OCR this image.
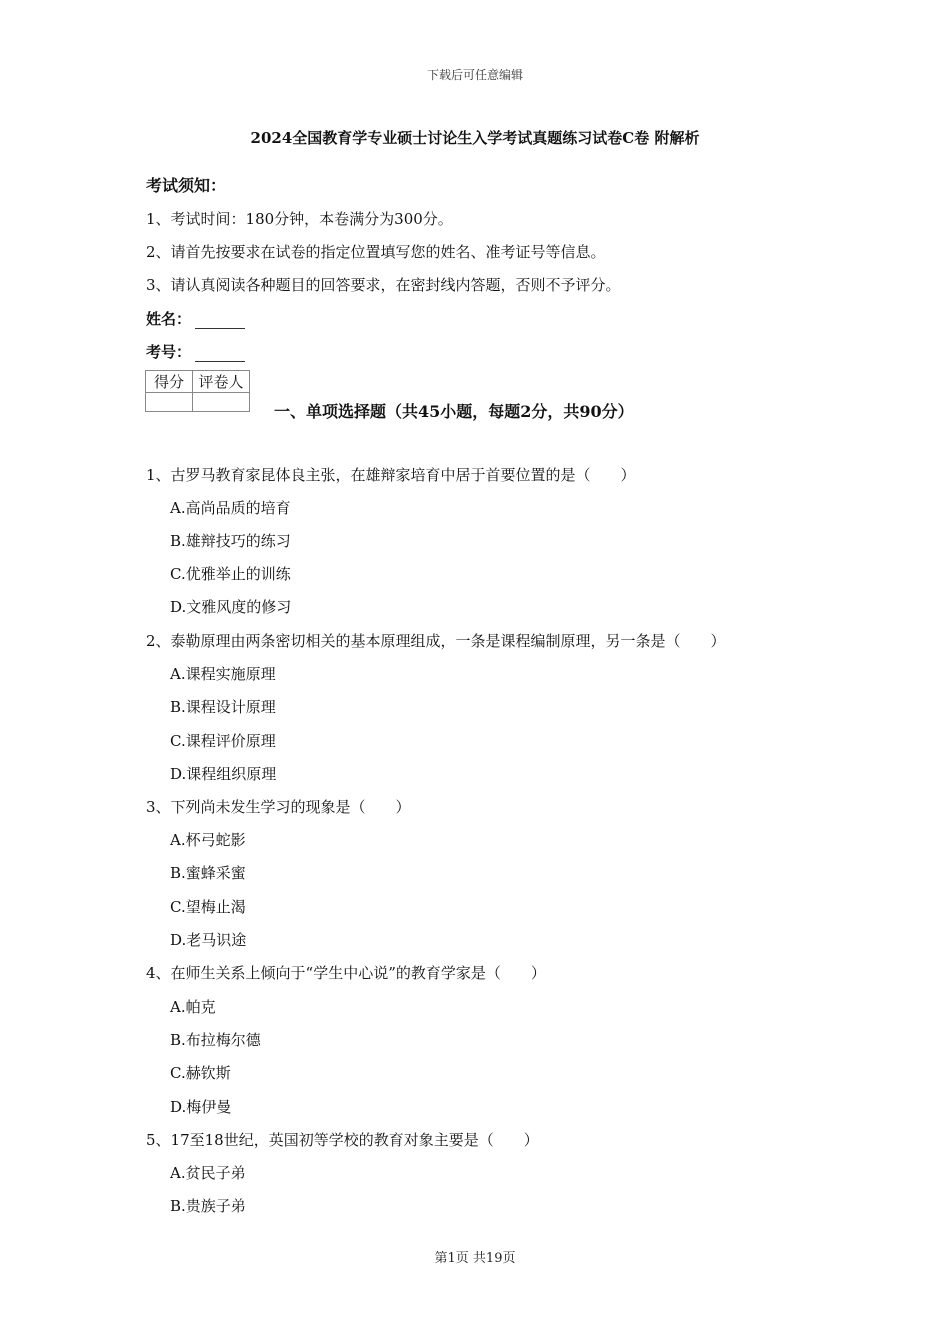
下载后可任意编辑
2024全国教育学专业硕士讨论生入学考试真题练习试卷C卷 附解析
考试须知：
1、考试时间：180分钟，本卷满分为300分。
2、请首先按要求在试卷的指定位置填写您的姓名、准考证号等信息。
3、请认真阅读各种题目的回答要求，在密封线内答题，否则不予评分。
姓名：
考号：
得分	评卷人

一、单项选择题（共45小题，每题2分，共90分）
1、古罗马教育家昆体良主张，在雄辩家培育中居于首要位置的是（　　）
A.高尚品质的培育
B.雄辩技巧的练习
C.优雅举止的训练
D.文雅风度的修习
2、泰勒原理由两条密切相关的基本原理组成，一条是课程编制原理，另一条是（　　）
A.课程实施原理
B.课程设计原理
C.课程评价原理
D.课程组织原理
3、下列尚未发生学习的现象是（　　）
A.杯弓蛇影
B.蜜蜂采蜜
C.望梅止渴
D.老马识途
4、在师生关系上倾向于“学生中心说”的教育学家是（　　）
A.帕克
B.布拉梅尔德
C.赫钦斯
D.梅伊曼
5、17至18世纪，英国初等学校的教育对象主要是（　　）
A.贫民子弟
B.贵族子弟
第1页 共19页
